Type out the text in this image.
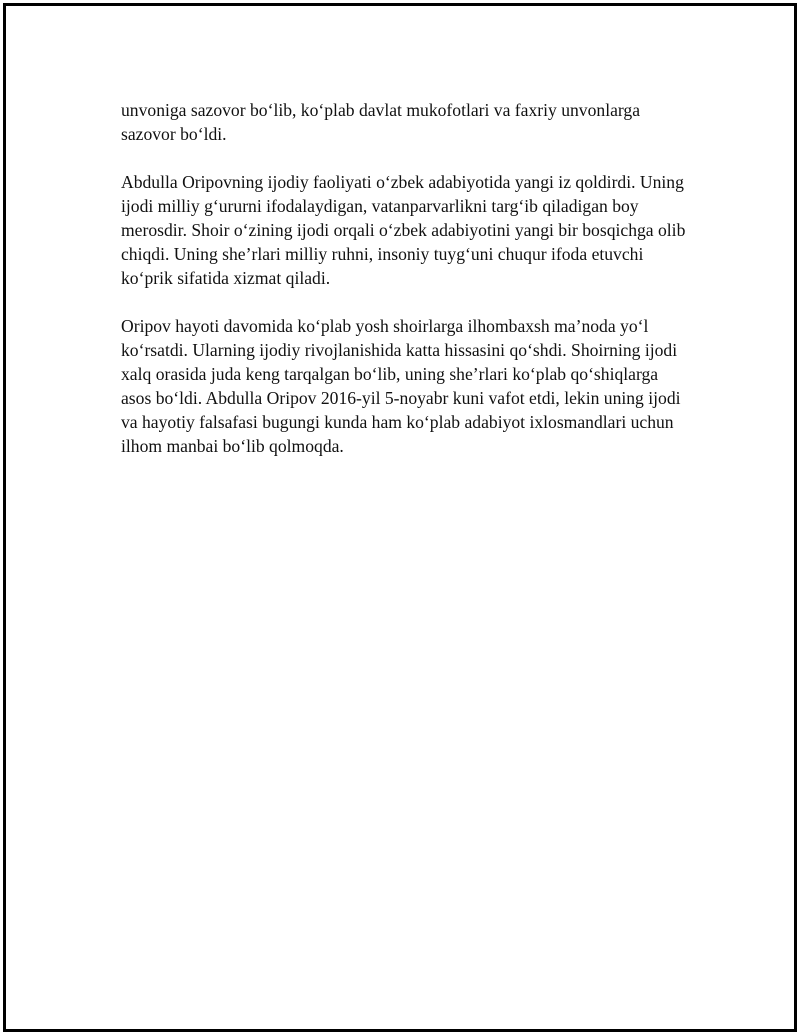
unvoniga sazovor bo‘lib, ko‘plab davlat mukofotlari va faxriy unvonlarga sazovor bo‘ldi.

Abdulla Oripovning ijodiy faoliyati o‘zbek adabiyotida yangi iz qoldirdi. Uning ijodi milliy g‘ururni ifodalaydigan, vatanparvarlikni targ‘ib qiladigan boy merosdir. Shoir o‘zining ijodi orqali o‘zbek adabiyotini yangi bir bosqichga olib chiqdi. Uning she’rlari milliy ruhni, insoniy tuyg‘uni chuqur ifoda etuvchi ko‘prik sifatida xizmat qiladi.

Oripov hayoti davomida ko‘plab yosh shoirlarga ilhombaxsh ma’noda yo‘l ko‘rsatdi. Ularning ijodiy rivojlanishida katta hissasini qo‘shdi. Shoirning ijodi xalq orasida juda keng tarqalgan bo‘lib, uning she’rlari ko‘plab qo‘shiqlarga asos bo‘ldi. Abdulla Oripov 2016-yil 5-noyabr kuni vafot etdi, lekin uning ijodi va hayotiy falsafasi bugungi kunda ham ko‘plab adabiyot ixlosmandlari uchun ilhom manbai bo‘lib qolmoqda.
